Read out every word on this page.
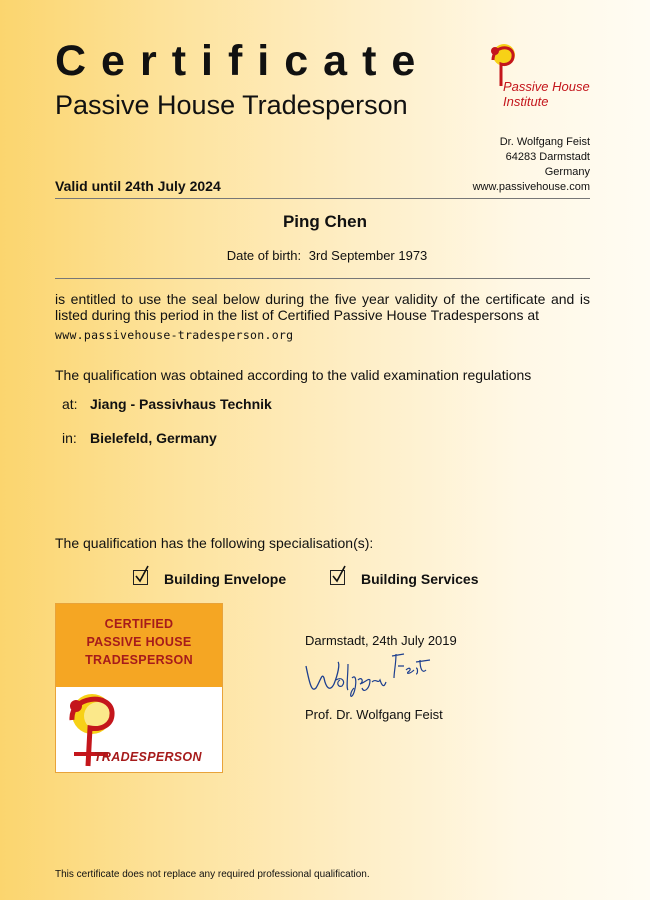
Certificate
Passive House Tradesperson
Passive House
Institute
Dr. Wolfgang Feist
64283 Darmstadt
Germany
www.passivehouse.com
Valid until 24th July 2024
Ping Chen
Date of birth: 3rd September 1973
is entitled to use the seal below during the five year validity of the certificate and is listed during this period in the list of Certified Passive House Tradespersons at
www.passivehouse-tradesperson.org
The qualification was obtained according to the valid examination regulations
at: Jiang - Passivhaus Technik
in: Bielefeld, Germany
The qualification has the following specialisation(s):
Building Envelope	Building Services
CERTIFIED
PASSIVE HOUSE
TRADESPERSON
TRADESPERSON
Darmstadt, 24th July 2019
Prof. Dr. Wolfgang Feist
This certificate does not replace any required professional qualification.
